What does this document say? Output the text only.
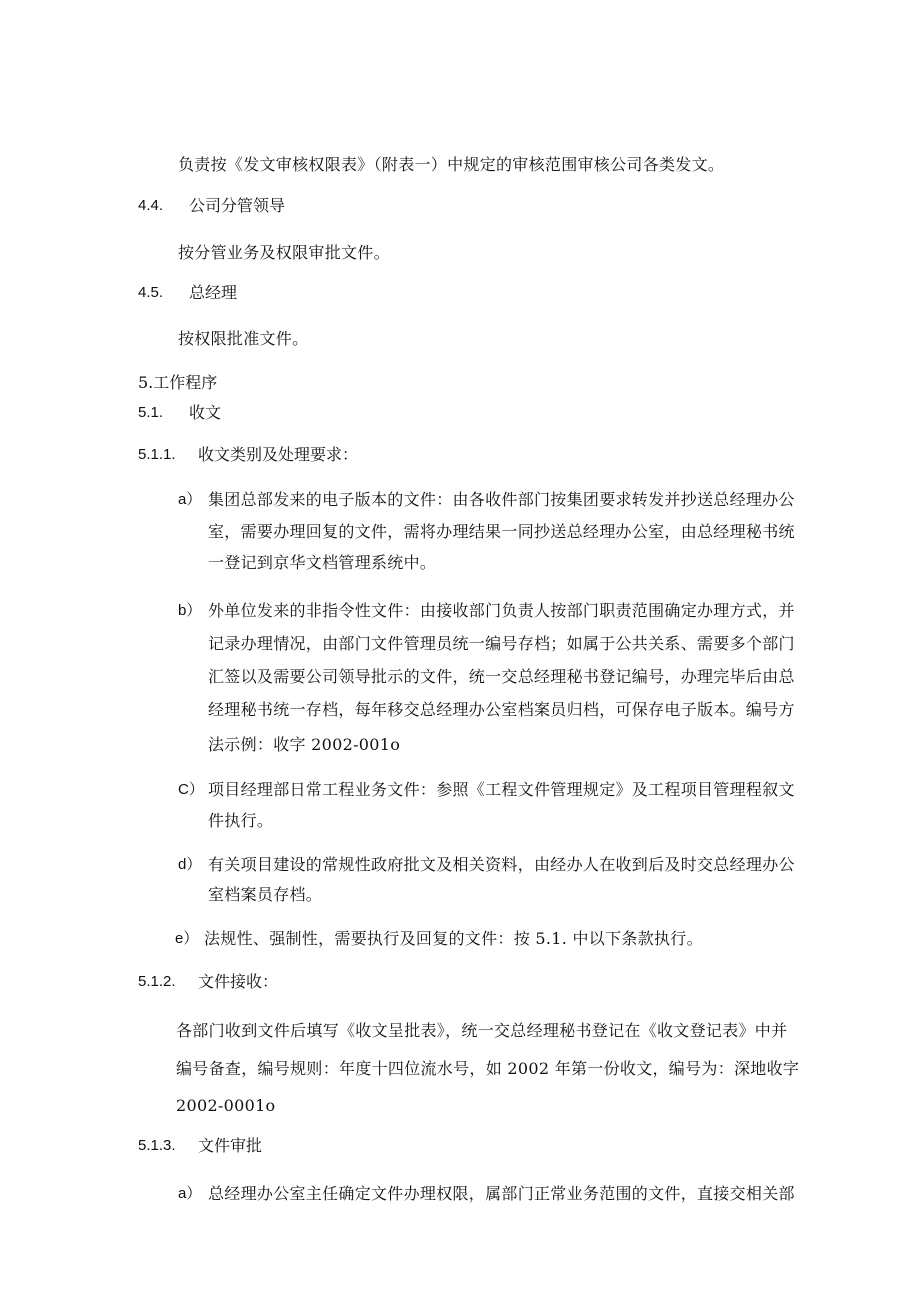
负责按《发文审核权限表》（附表一）中规定的审核范围审核公司各类发文。
4.4. 公司分管领导
按分管业务及权限审批文件。
4.5. 总经理
按权限批准文件。
5.工作程序
5.1. 收文
5.1.1. 收文类别及处理要求：
a） 集团总部发来的电子版本的文件：由各收件部门按集团要求转发并抄送总经理办公
室，需要办理回复的文件，需将办理结果一同抄送总经理办公室，由总经理秘书统
一登记到京华文档管理系统中。
b） 外单位发来的非指令性文件：由接收部门负责人按部门职责范围确定办理方式，并
记录办理情况，由部门文件管理员统一编号存档；如属于公共关系、需要多个部门
汇签以及需要公司领导批示的文件，统一交总经理秘书登记编号，办理完毕后由总
经理秘书统一存档，每年移交总经理办公室档案员归档，可保存电子版本。编号方
法示例：收字 2002-001o
C） 项目经理部日常工程业务文件：参照《工程文件管理规定》及工程项目管理程叙文
件执行。
d） 有关项目建设的常规性政府批文及相关资料，由经办人在收到后及时交总经理办公
室档案员存档。
e） 法规性、强制性，需要执行及回复的文件：按 5.1. 中以下条款执行。
5.1.2. 文件接收：
各部门收到文件后填写《收文呈批表》，统一交总经理秘书登记在《收文登记表》中并
编号备查，编号规则：年度十四位流水号，如 2002 年第一份收文，编号为：深地收字
2002-0001o
5.1.3. 文件审批
a） 总经理办公室主任确定文件办理权限，属部门正常业务范围的文件，直接交相关部
